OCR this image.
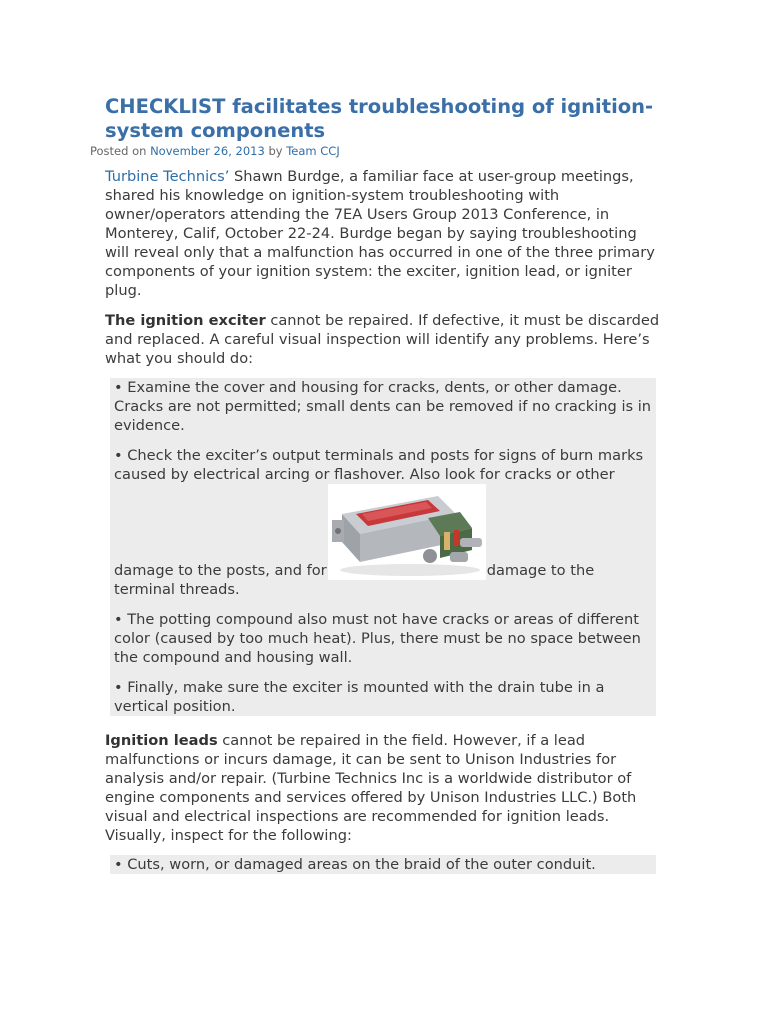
CHECKLIST facilitates troubleshooting of ignition-system components
Posted on November 26, 2013 by Team CCJ

Turbine Technics’ Shawn Burdge, a familiar face at user-group meetings, shared his knowledge on ignition-system troubleshooting with owner/operators attending the 7EA Users Group 2013 Conference, in Monterey, Calif, October 22-24. Burdge began by saying troubleshooting will reveal only that a malfunction has occurred in one of the three primary components of your ignition system: the exciter, ignition lead, or igniter plug.

The ignition exciter cannot be repaired. If defective, it must be discarded and replaced. A careful visual inspection will identify any problems. Here’s what you should do:

• Examine the cover and housing for cracks, dents, or other damage. Cracks are not permitted; small dents can be removed if no cracking is in evidence.

• Check the exciter’s output terminals and posts for signs of burn marks caused by electrical arcing or flashover. Also look for cracks or other damage to the posts, and for	damage to the terminal threads.

• The potting compound also must not have cracks or areas of different color (caused by too much heat). Plus, there must be no space between the compound and housing wall.

• Finally, make sure the exciter is mounted with the drain tube in a vertical position.

Ignition leads cannot be repaired in the field. However, if a lead malfunctions or incurs damage, it can be sent to Unison Industries for analysis and/or repair. (Turbine Technics Inc is a worldwide distributor of engine components and services offered by Unison Industries LLC.) Both visual and electrical inspections are recommended for ignition leads. Visually, inspect for the following:

• Cuts, worn, or damaged areas on the braid of the outer conduit.
